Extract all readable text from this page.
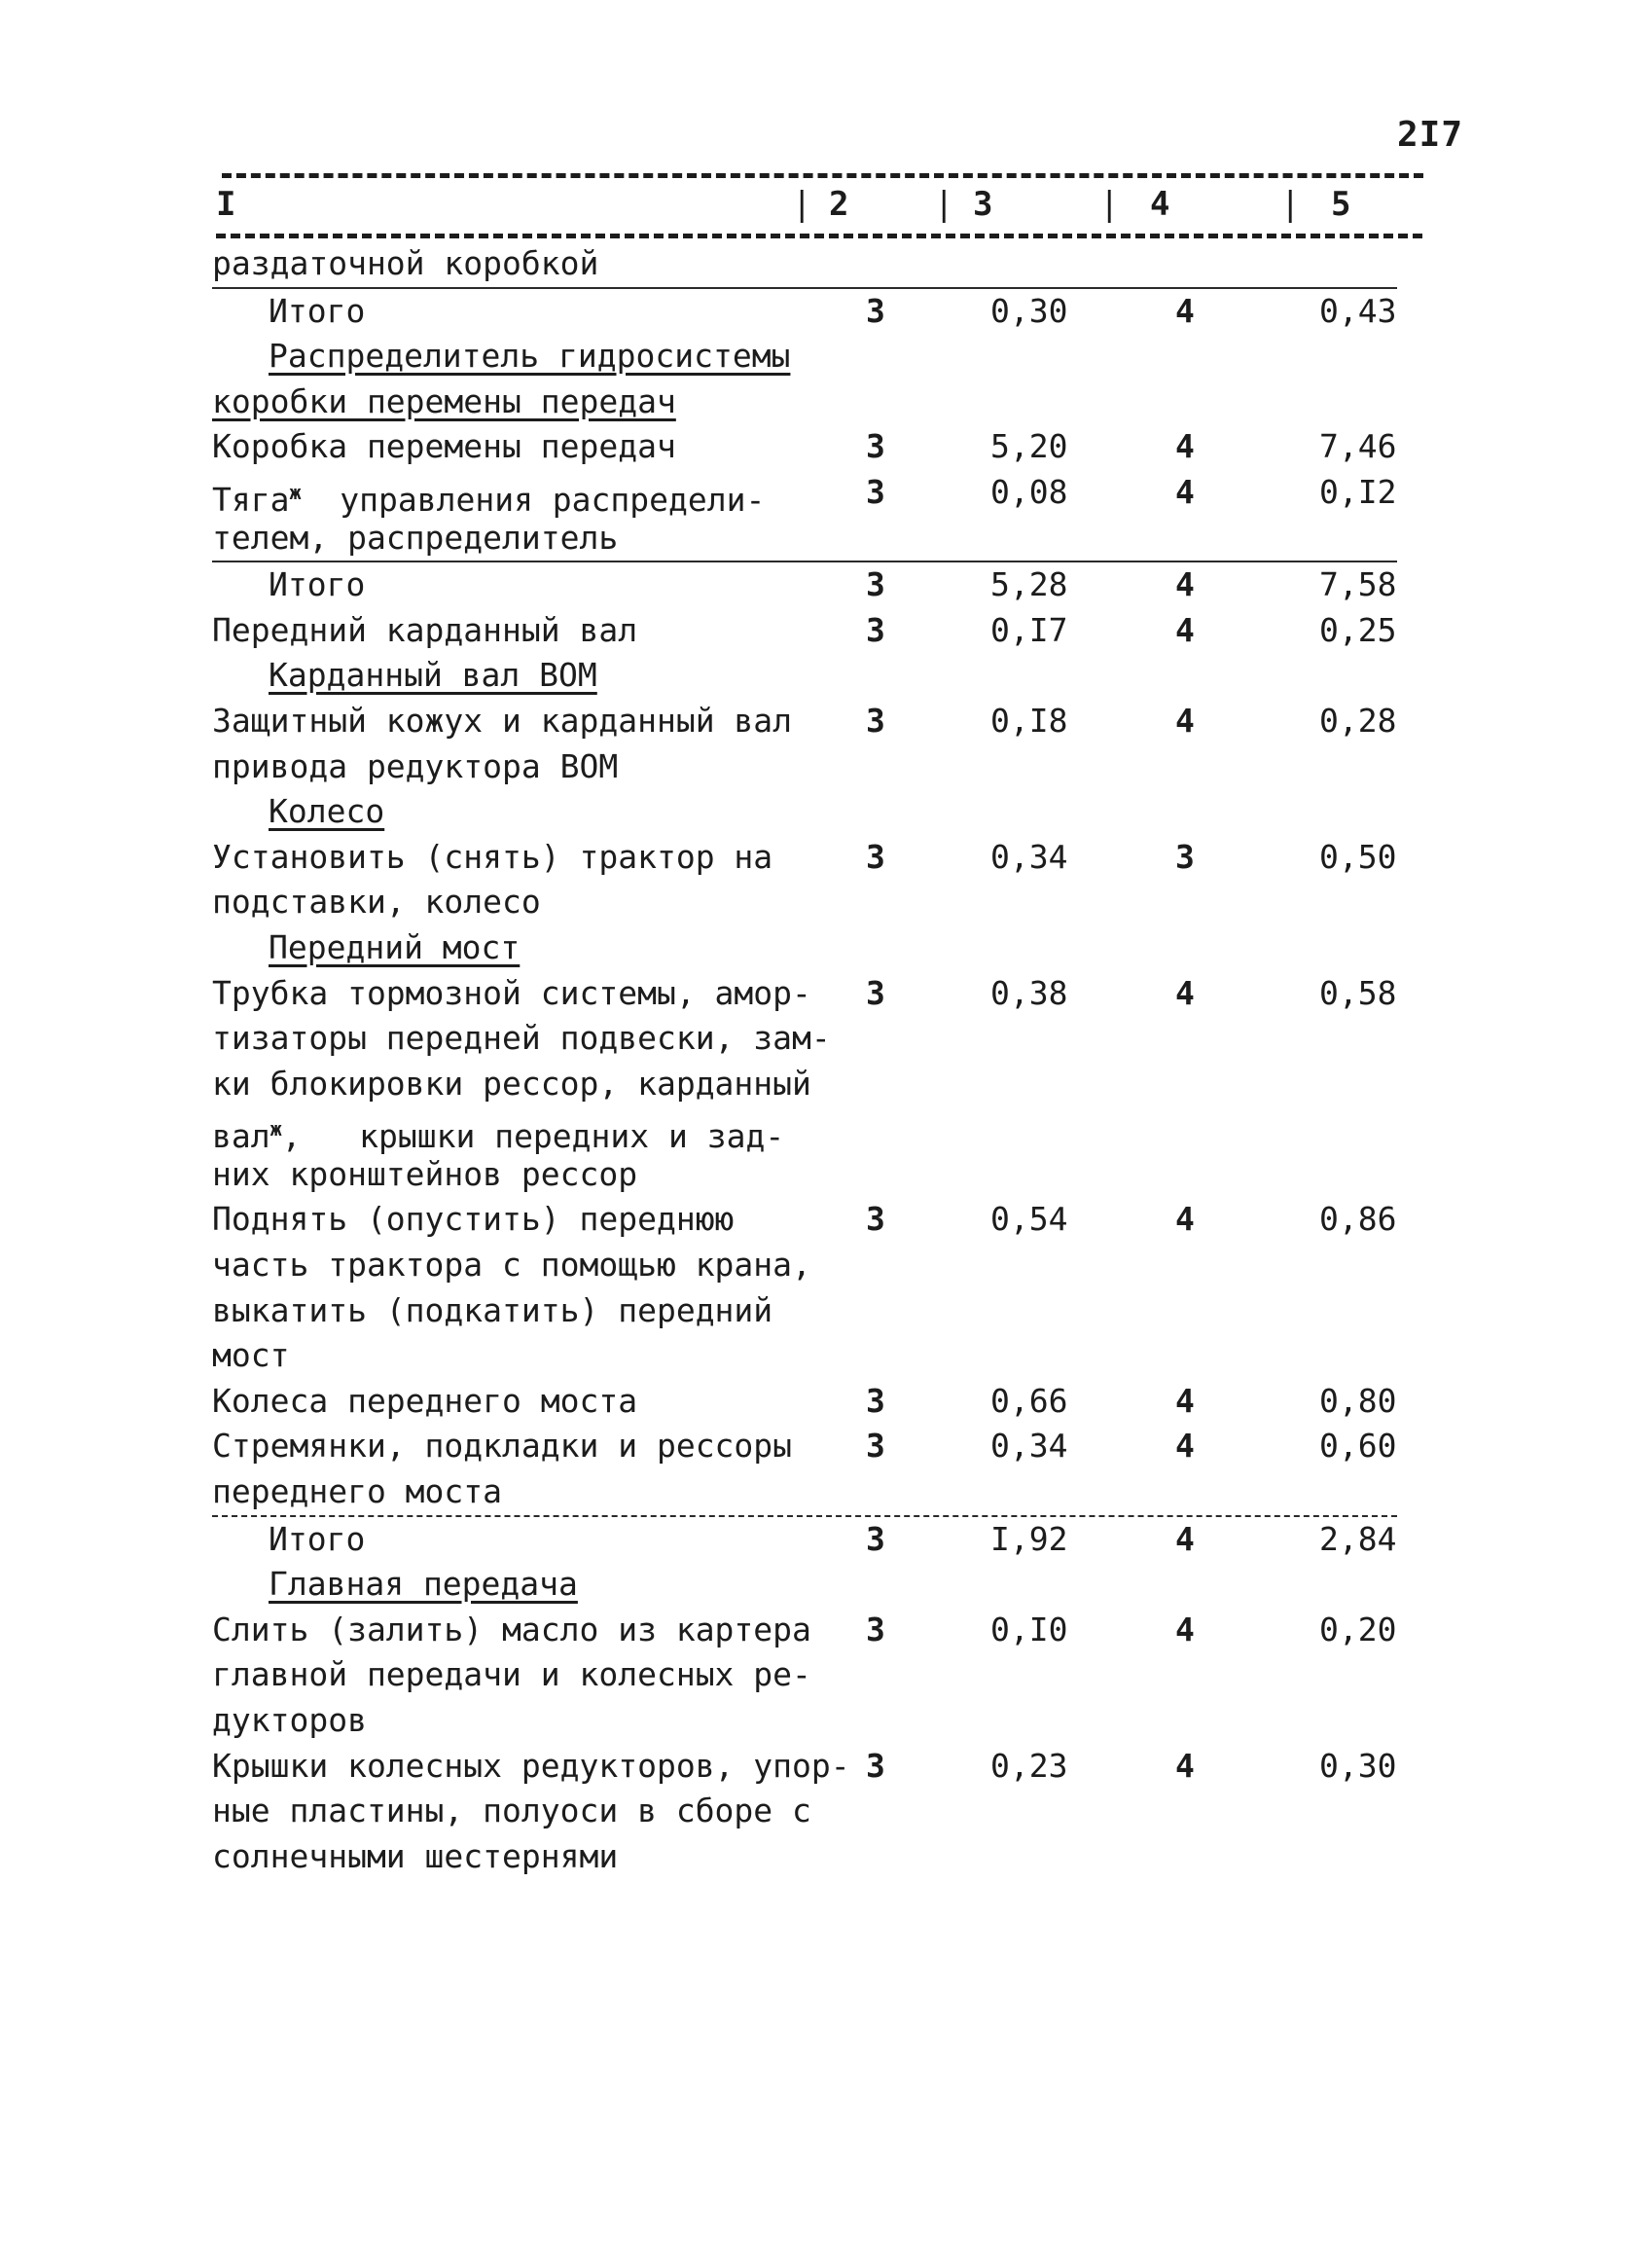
2I7
I	| 2	| 3	| 4	| 5
раздаточной коробкой
Итого	3	0,30	4	0,43
Распределитель гидросистемы
коробки перемены передач
Коробка перемены передач	3	5,20	4	7,46
Тяга$^ж$  управления распредели-	3	0,08	4	0,I2
телем, распределитель
Итого	3	5,28	4	7,58
Передний карданный вал	3	0,I7	4	0,25
Карданный вал ВОМ
Защитный кожух и карданный вал 3	0,I8	4	0,28
привода редуктора ВОМ
Колесо
Установить (снять) трактор на	3	0,34	3	0,50
подставки, колесо
Передний мост
Трубка тормозной системы, амор- 3	0,38	4	0,58
тизаторы передней подвески, зам-
ки блокировки рессор, карданный
вал$^ж$,   крышки передних и зад-
них кронштейнов рессор
Поднять (опустить) переднюю	3	0,54	4	0,86
часть трактора с помощью крана,
выкатить (подкатить) передний
мост
Колеса переднего моста	3	0,66	4	0,80
Стремянки, подкладки и рессоры 3	0,34	4	0,60
переднего моста
Итого	3	I,92	4	2,84
Главная передача
Слить (залить) масло из картера 3	0,I0	4	0,20
главной передачи и колесных ре-
дукторов
Крышки колесных редукторов, упор- 3	0,23	4	0,30
ные пластины, полуоси в сборе с
солнечными шестернями
